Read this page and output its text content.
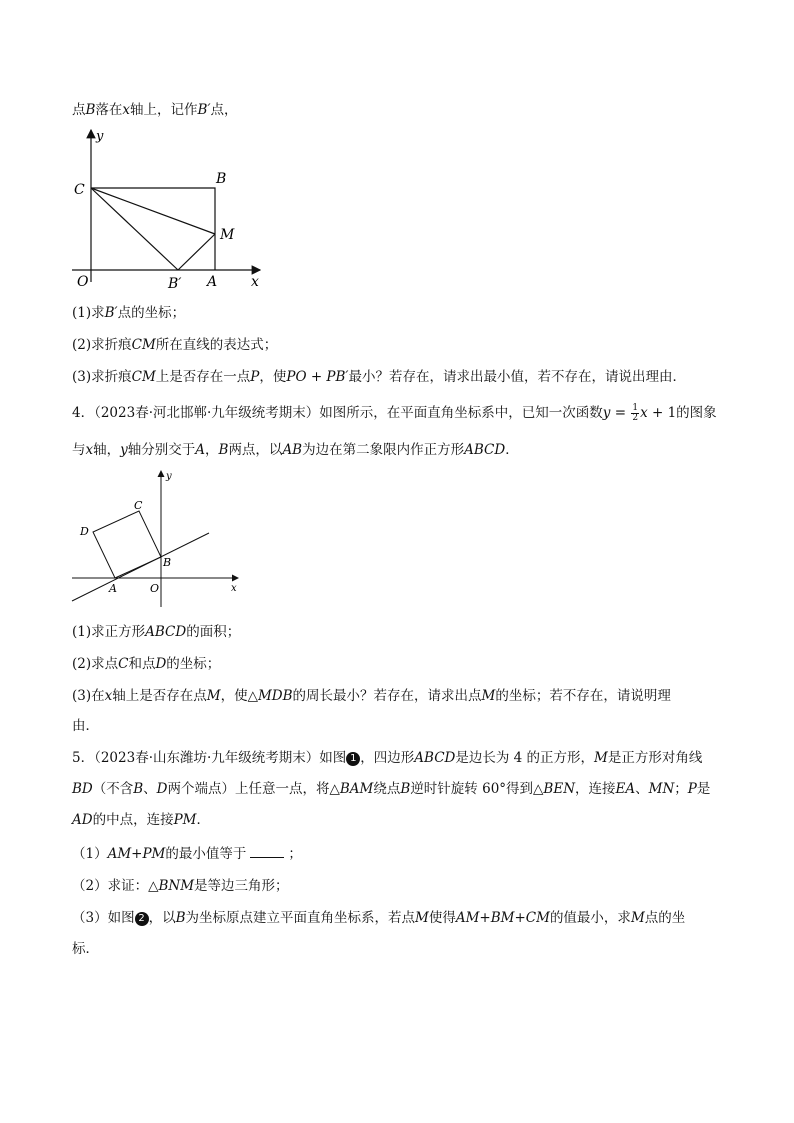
点B落在x轴上，记作B′点，
y
C
B
M
O	B′ A x
(1)求B′点的坐标；
(2)求折痕CM所在直线的表达式；
(3)求折痕CM上是否存在一点P，使PO + PB′最小？若存在，请求出最小值，若不存在，请说出理由．
4．（2023春·河北邯郸·九年级统考期末）如图所示，在平面直角坐标系中，已知一次函数$y = \frac{1}{2}$ x + 1的图象
与x轴，y轴分别交于A，B两点，以AB为边在第二象限内作正方形ABCD．
y
C
D
B
A	O	x
(1)求正方形ABCD的面积；
(2)求点C和点D的坐标；
(3)在x轴上是否存在点M，使△MDB的周长最小？若存在，请求出点M的坐标；若不存在，请说明理
由．
5．（2023春·山东潍坊·九年级统考期末）如图 1 ，四边形ABCD是边长为 4 的正方形，M是正方形对角线
BD（不含B、D两个端点）上任意一点，将△BAM绕点B逆时针旋转 60°得到△BEN，连接EA、MN；P是
AD的中点，连接PM．
（1）AM+PM的最小值等于	；
（2）求证：△BNM是等边三角形；
（3）如图 2 ，以B为坐标原点建立平面直角坐标系，若点M使得AM+BM+CM的值最小，求M点的坐
标．
